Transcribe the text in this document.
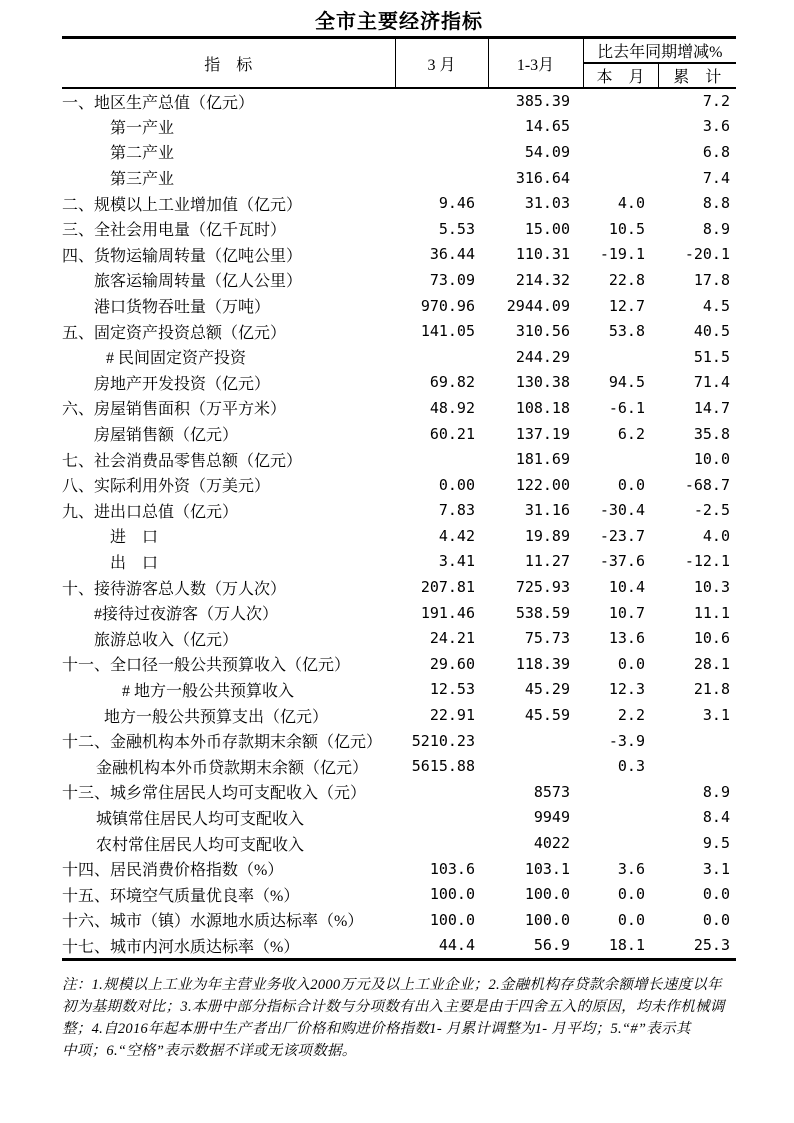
全市主要经济指标
指　标	3 月	1-3月	比去年同期增减%	
			本　月	累　计
一、地区生产总值（亿元）		385.39		7.2
第一产业		14.65		3.6
第二产业		54.09		6.8
第三产业		316.64		7.4
二、规模以上工业增加值（亿元）	9.46	31.03	4.0	8.8
三、全社会用电量（亿千瓦时）	5.53	15.00	10.5	8.9
四、货物运输周转量（亿吨公里）	36.44	110.31	-19.1	-20.1
旅客运输周转量（亿人公里）	73.09	214.32	22.8	17.8
港口货物吞吐量（万吨）	970.96	2944.09	12.7	4.5
五、固定资产投资总额（亿元）	141.05	310.56	53.8	40.5
# 民间固定资产投资		244.29		51.5
房地产开发投资（亿元）	69.82	130.38	94.5	71.4
六、房屋销售面积（万平方米）	48.92	108.18	-6.1	14.7
房屋销售额（亿元）	60.21	137.19	6.2	35.8
七、社会消费品零售总额（亿元）		181.69		10.0
八、实际利用外资（万美元）	0.00	122.00	0.0	-68.7
九、进出口总值（亿元）	7.83	31.16	-30.4	-2.5
进　口	4.42	19.89	-23.7	4.0
出　口	3.41	11.27	-37.6	-12.1
十、接待游客总人数（万人次）	207.81	725.93	10.4	10.3
#接待过夜游客（万人次）	191.46	538.59	10.7	11.1
旅游总收入（亿元）	24.21	75.73	13.6	10.6
十一、全口径一般公共预算收入（亿元）	29.60	118.39	0.0	28.1
# 地方一般公共预算收入	12.53	45.29	12.3	21.8
地方一般公共预算支出（亿元）	22.91	45.59	2.2	3.1
十二、金融机构本外币存款期末余额（亿元）	5210.23		-3.9	
金融机构本外币贷款期末余额（亿元）	5615.88		0.3	
十三、城乡常住居民人均可支配收入（元）		8573		8.9
城镇常住居民人均可支配收入		9949		8.4
农村常住居民人均可支配收入		4022		9.5
十四、居民消费价格指数（%）	103.6	103.1	3.6	3.1
十五、环境空气质量优良率（%）	100.0	100.0	0.0	0.0
十六、城市（镇）水源地水质达标率（%）	100.0	100.0	0.0	0.0
十七、城市内河水质达标率（%）	44.4	56.9	18.1	25.3
注：1.规模以上工业为年主营业务收入2000万元及以上工业企业；2.金融机构存贷款余额增长速度以年
初为基期数对比；3.本册中部分指标合计数与分项数有出入主要是由于四舍五入的原因，均未作机械调
整；4.自2016年起本册中生产者出厂价格和购进价格指数1- 月累计调整为1- 月平均；5.“#”表示其
中项；6.“空格”表示数据不详或无该项数据。
